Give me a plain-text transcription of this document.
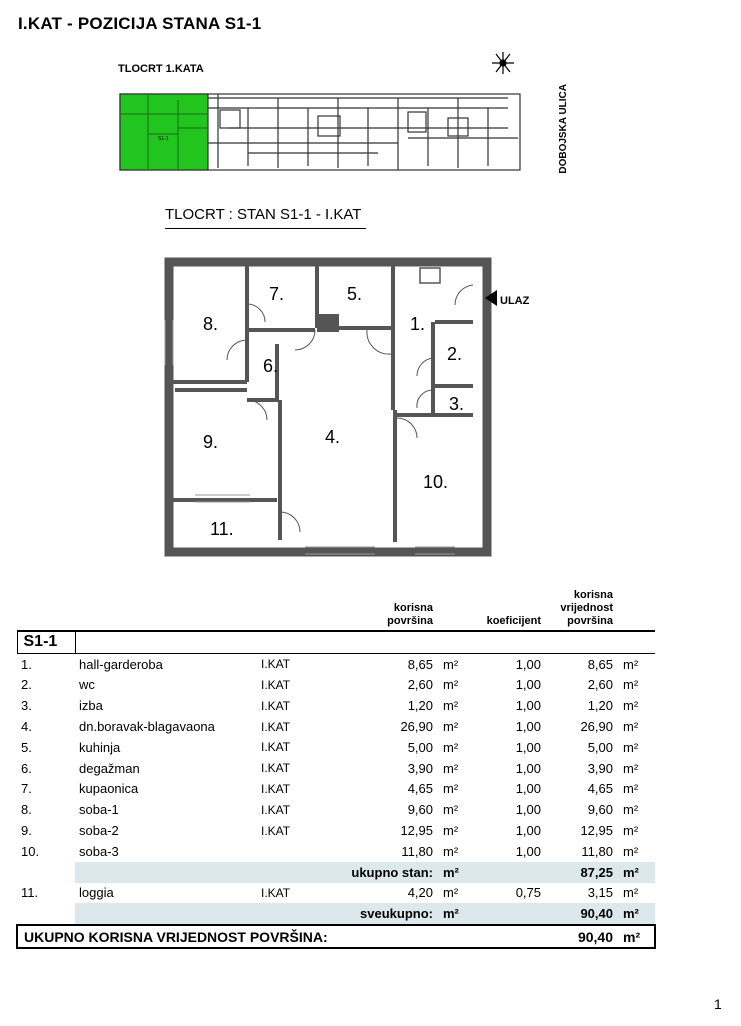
I.KAT - POZICIJA STANA S1-1
S1-1
TLOCRT 1.KATA
DOBOJSKA ULICA
TLOCRT : STAN S1-1 - I.KAT
ULAZ
1.
2.
3.
4.
5.
6.
7.
8.
9.
10.
11.
			korisna
površina		koeficijent	korisna
vrijednost
površina	

S1-1							
1.	hall-garderoba	I.KAT	8,65	m²	1,00	8,65	m²
2.	wc	I.KAT	2,60	m²	1,00	2,60	m²
3.	izba	I.KAT	1,20	m²	1,00	1,20	m²
4.	dn.boravak-blagavaona	I.KAT	26,90	m²	1,00	26,90	m²
5.	kuhinja	I.KAT	5,00	m²	1,00	5,00	m²
6.	degažman	I.KAT	3,90	m²	1,00	3,90	m²
7.	kupaonica	I.KAT	4,65	m²	1,00	4,65	m²
8.	soba-1	I.KAT	9,60	m²	1,00	9,60	m²
9.	soba-2	I.KAT	12,95	m²	1,00	12,95	m²
10.	soba-3		11,80	m²	1,00	11,80	m²
		ukupno stan:		m²		87,25	m²
11.	loggia	I.KAT	4,20	m²	0,75	3,15	m²
		sveukupno:		m²		90,40	m²
UKUPNO KORISNA VRIJEDNOST POVRŠINA:						90,40	m²
1
